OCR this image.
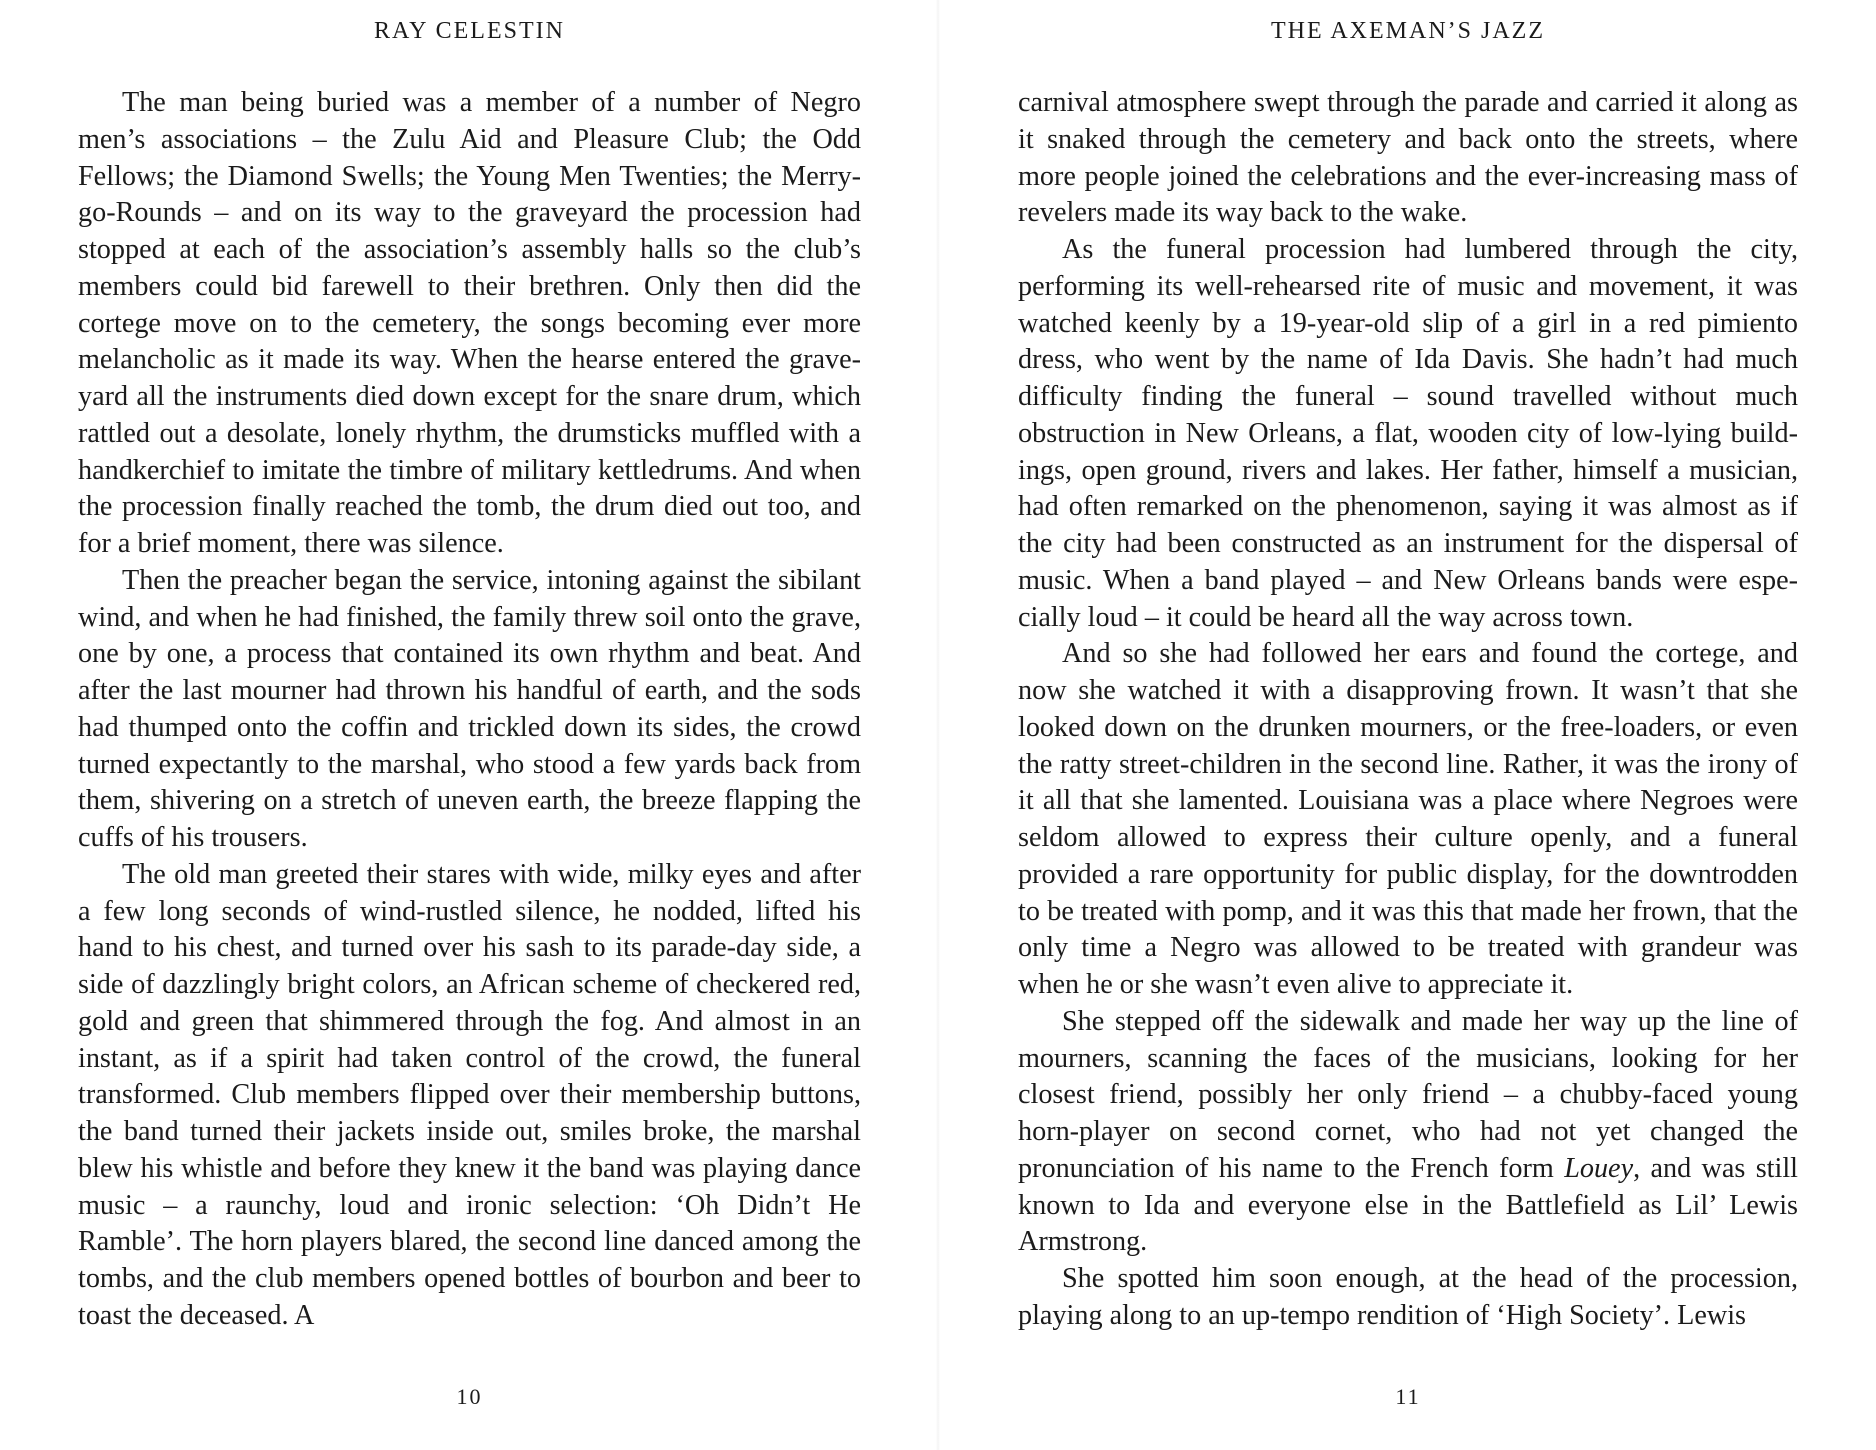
RAY CELESTIN

The man being buried was a member of a number of Negro men’s associations – the Zulu Aid and Pleasure Club; the Odd Fellows; the Diamond Swells; the Young Men Twenties; the Merry-go-Rounds – and on its way to the graveyard the procession had stopped at each of the association’s assembly halls so the club’s members could bid farewell to their brethren. Only then did the cortege move on to the cemetery, the songs becoming ever more melancholic as it made its way. When the hearse entered the graveyard all the instruments died down except for the snare drum, which rattled out a desolate, lonely rhythm, the drumsticks muffled with a handkerchief to imitate the timbre of military kettledrums. And when the procession finally reached the tomb, the drum died out too, and for a brief moment, there was silence.

Then the preacher began the service, intoning against the sibilant wind, and when he had finished, the family threw soil onto the grave, one by one, a process that contained its own rhythm and beat. And after the last mourner had thrown his handful of earth, and the sods had thumped onto the coffin and trickled down its sides, the crowd turned expectantly to the marshal, who stood a few yards back from them, shivering on a stretch of uneven earth, the breeze flapping the cuffs of his trousers.

The old man greeted their stares with wide, milky eyes and after a few long seconds of wind-rustled silence, he nodded, lifted his hand to his chest, and turned over his sash to its parade-day side, a side of dazzlingly bright colors, an African scheme of checkered red, gold and green that shimmered through the fog. And almost in an instant, as if a spirit had taken control of the crowd, the funeral transformed. Club members flipped over their membership buttons, the band turned their jackets inside out, smiles broke, the marshal blew his whistle and before they knew it the band was playing dance music – a raunchy, loud and ironic selection: ‘Oh Didn’t He Ramble’. The horn players blared, the second line danced among the tombs, and the club members opened bottles of bourbon and beer to toast the deceased. A

10
THE AXEMAN’S JAZZ

carnival atmosphere swept through the parade and carried it along as it snaked through the cemetery and back onto the streets, where more people joined the celebrations and the ever-increasing mass of revelers made its way back to the wake.

As the funeral procession had lumbered through the city, performing its well-rehearsed rite of music and movement, it was watched keenly by a 19-year-old slip of a girl in a red pimiento dress, who went by the name of Ida Davis. She hadn’t had much difficulty finding the funeral – sound travelled without much obstruction in New Orleans, a flat, wooden city of low-lying buildings, open ground, rivers and lakes. Her father, himself a musician, had often remarked on the phenomenon, saying it was almost as if the city had been constructed as an instrument for the dispersal of music. When a band played – and New Orleans bands were especially loud – it could be heard all the way across town.

And so she had followed her ears and found the cortege, and now she watched it with a disapproving frown. It wasn’t that she looked down on the drunken mourners, or the free-loaders, or even the ratty street-children in the second line. Rather, it was the irony of it all that she lamented. Louisiana was a place where Negroes were seldom allowed to express their culture openly, and a funeral provided a rare opportunity for public display, for the downtrodden to be treated with pomp, and it was this that made her frown, that the only time a Negro was allowed to be treated with grandeur was when he or she wasn’t even alive to appreciate it.

She stepped off the sidewalk and made her way up the line of mourners, scanning the faces of the musicians, looking for her closest friend, possibly her only friend – a chubby-faced young horn-player on second cornet, who had not yet changed the pronunciation of his name to the French form Louey, and was still known to Ida and everyone else in the Battlefield as Lil’ Lewis Armstrong.

She spotted him soon enough, at the head of the procession, playing along to an up-tempo rendition of ‘High Society’. Lewis

11
